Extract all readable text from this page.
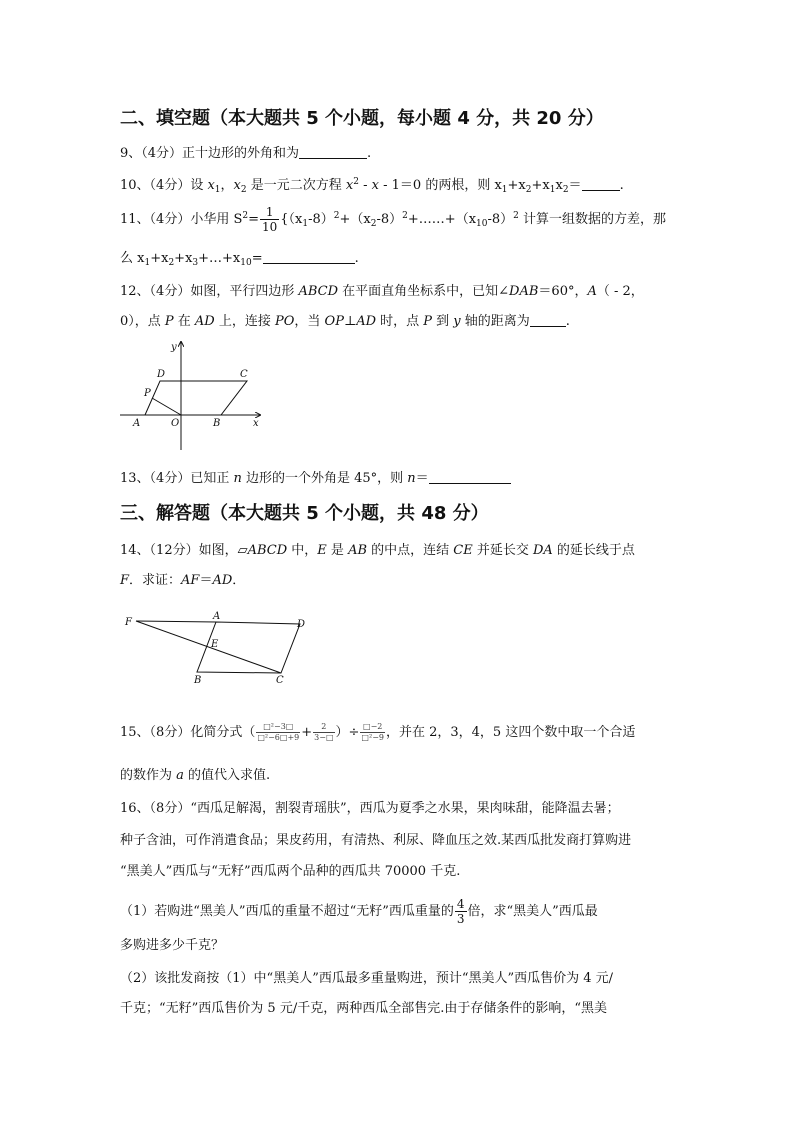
二、填空题（本大题共 5 个小题，每小题 4 分，共 20 分）
9、（4分）正十边形的外角和为	.
10、（4分）设 $x_1$，$x_2$ 是一元二次方程 $x^2 - x - 1=0$ 的两根，则 $x_1+x_2+x_1x_2=$	.
11、（4分）小华用 $S^2= \frac{1}{10}$ {$(x_1-8)^2+(x_2-8)^2+\dots\dots+(x_{10}-8)^2$ 计算一组数据的方差，那
么 $x_1+x_2+x_3+\dots+x_{10}=$	.
12、（4分）如图，平行四边形 ABCD 在平面直角坐标系中，已知∠DAB＝60°，A（ - 2，
0），点 P 在 AD 上，连接 PO，当 OP⊥AD 时，点 P 到 y 轴的距离为	.
y
x
D	C
P
A	O	B
13、（4分）已知正 n 边形的一个外角是 45°，则 n＝
三、解答题（本大题共 5 个小题，共 48 分）
14、（12分）如图，▱ABCD 中，E 是 AB 的中点，连结 CE 并延长交 DA 的延长线于点
F．求证：AF＝AD．
F
A
D
E
B	C
15、（8分）化简分式（ $\frac{\text{□²−3□}}{\text{□²−6□+9}} + \frac{2}{3-□}$ ）÷ $\frac{□-2}{\text{□²−9}}$ ，并在 2，3，4，5 这四个数中取一个合适
的数作为 a 的值代入求值.
16、（8分）“西瓜足解渴，割裂青瑶肤”，西瓜为夏季之水果，果肉味甜，能降温去暑；
种子含油，可作消遣食品；果皮药用，有清热、利尿、降血压之效.某西瓜批发商打算购进
“黑美人”西瓜与“无籽”西瓜两个品种的西瓜共 70000 千克.
（1）若购进“黑美人”西瓜的重量不超过“无籽”西瓜重量的 $\frac{4}{3}$ 倍，求“黑美人”西瓜最
多购进多少千克？
（2）该批发商按（1）中“黑美人”西瓜最多重量购进，预计“黑美人”西瓜售价为 4 元/
千克；“无籽”西瓜售价为 5 元/千克，两种西瓜全部售完.由于存储条件的影响，“黑美
